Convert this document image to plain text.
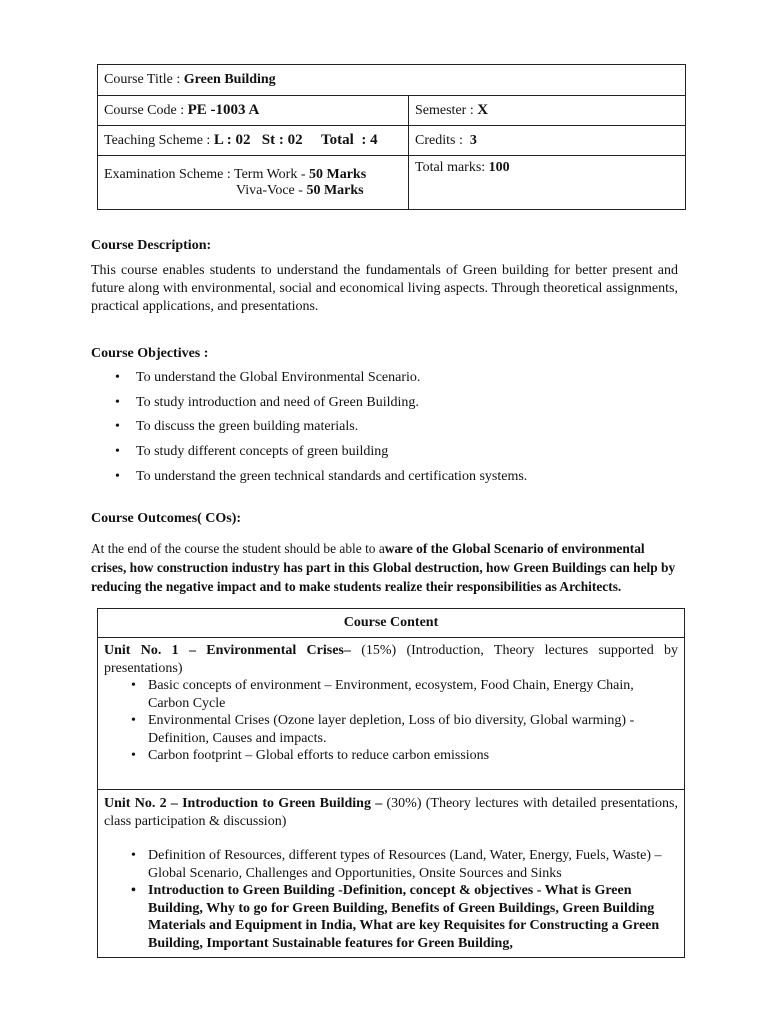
Course Title : Green Building	
Course Code : PE -1003 A	Semester : X
Teaching Scheme : L : 02   St : 02     Total  : 4	Credits :  3

Examination Scheme : Term Work - 50 Marks
Viva-Voce - 50 Marks	Total marks: 100
Course Description:
This course enables students to understand the fundamentals of Green building for better present and future along with environmental, social and economical living aspects. Through theoretical assignments, practical applications, and presentations.
Course Objectives :
• To understand the Global Environmental Scenario.
• To study introduction and need of Green Building.
• To discuss the green building materials.
• To study different concepts of green building
• To understand the green technical standards and certification systems.
Course Outcomes( COs):
At the end of the course the student should be able to aware of the Global Scenario of environmental crises, how construction industry has part in this Global destruction, how Green Buildings can help by reducing the negative impact and to make students realize their responsibilities as Architects.
Course Content

Unit No. 1 – Environmental Crises– (15%) (Introduction, Theory lectures supported by presentations)
• Basic concepts of environment – Environment, ecosystem, Food Chain, Energy Chain, Carbon Cycle
• Environmental Crises (Ozone layer depletion, Loss of bio diversity, Global warming) - Definition, Causes and impacts.
• Carbon footprint – Global efforts to reduce carbon emissions

Unit No. 2 – Introduction to Green Building – (30%) (Theory lectures with detailed presentations, class participation & discussion)
• Definition of Resources, different types of Resources (Land, Water, Energy, Fuels, Waste) – Global Scenario, Challenges and Opportunities, Onsite Sources and Sinks
• Introduction to Green Building -Definition, concept & objectives - What is Green Building, Why to go for Green Building, Benefits of Green Buildings, Green Building Materials and Equipment in India, What are key Requisites for Constructing a Green Building, Important Sustainable features for Green Building,
